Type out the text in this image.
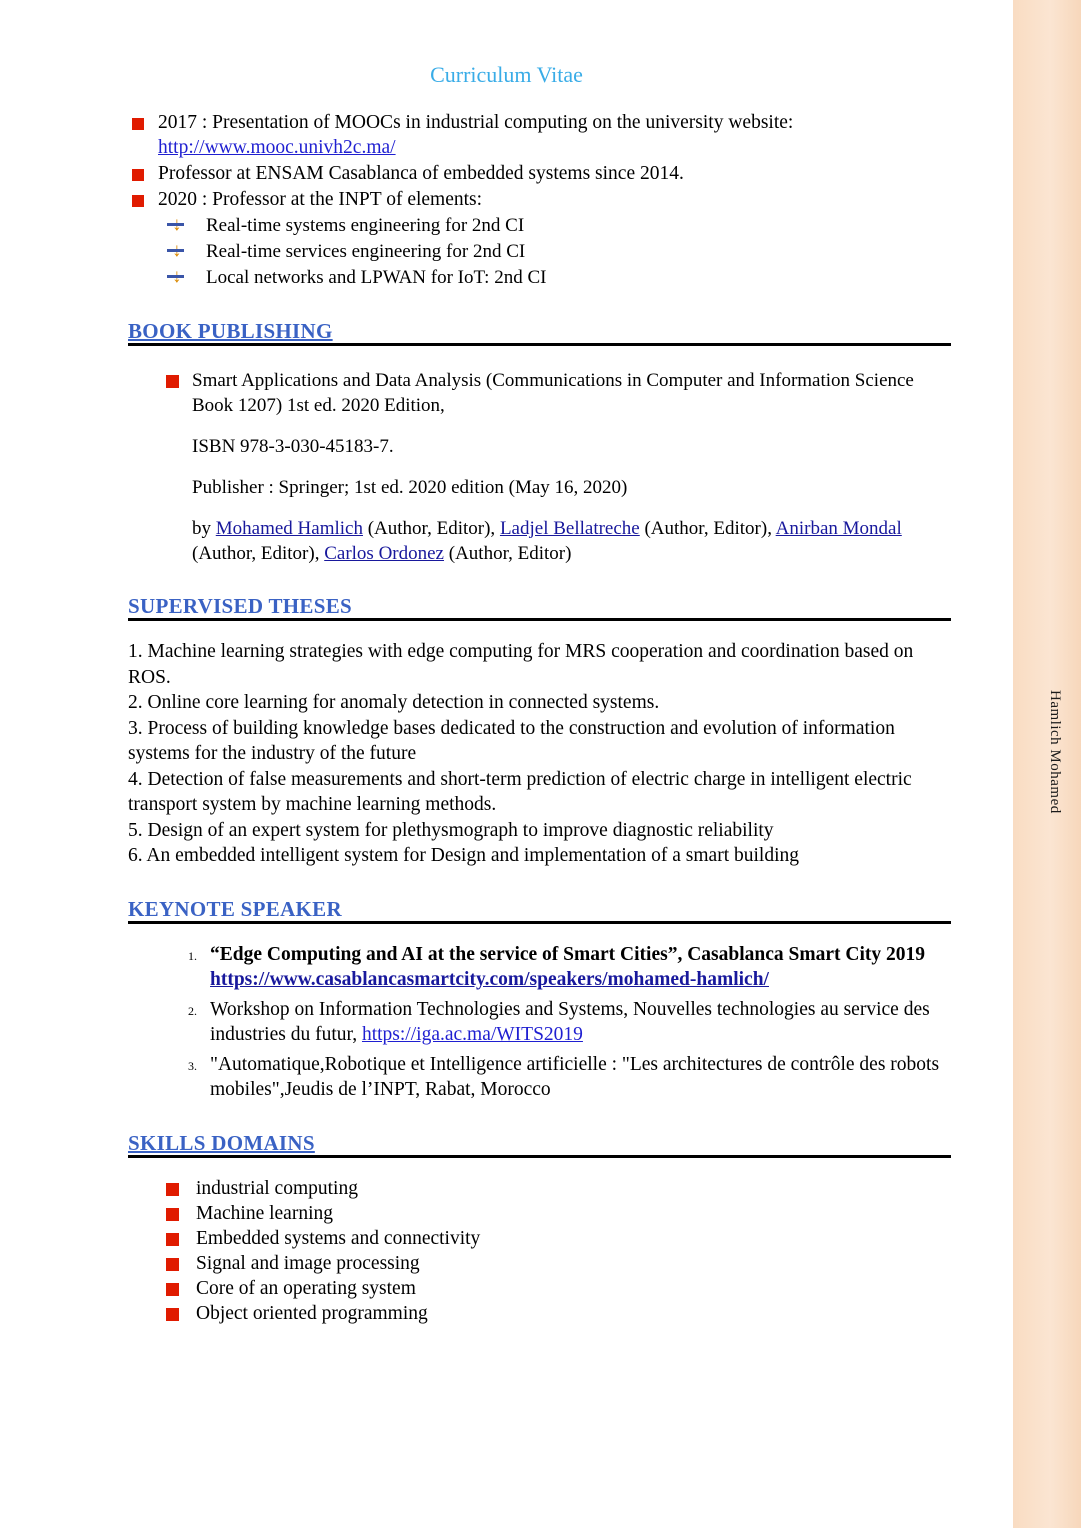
Curriculum Vitae
2017 : Presentation of MOOCs in industrial computing on the university website:
http://www.mooc.univh2c.ma/
Professor at ENSAM Casablanca of embedded systems since 2014.
2020 : Professor at the INPT of elements:
↓ Real-time systems engineering for 2nd CI
↓ Real-time services engineering for 2nd CI
↓ Local networks and LPWAN for IoT: 2nd CI
BOOK PUBLISHING

Smart Applications and Data Analysis (Communications in Computer and Information Science Book 1207) 1st ed. 2020 Edition,

ISBN 978-3-030-45183-7.

Publisher : Springer; 1st ed. 2020 edition (May 16, 2020)

by Mohamed Hamlich (Author, Editor), Ladjel Bellatreche (Author, Editor), Anirban Mondal (Author, Editor), Carlos Ordonez (Author, Editor)

SUPERVISED THESES
1. Machine learning strategies with edge computing for MRS cooperation and coordination based on ROS.
2. Online core learning for anomaly detection in connected systems.
3. Process of building knowledge bases dedicated to the construction and evolution of information systems for the industry of the future
4. Detection of false measurements and short-term prediction of electric charge in intelligent electric transport system by machine learning methods.
5. Design of an expert system for plethysmograph to improve diagnostic reliability
6. An embedded intelligent system for Design and implementation of a smart building
KEYNOTE SPEAKER
1. “Edge Computing and AI at the service of Smart Cities”, Casablanca Smart City 2019
https://www.casablancasmartcity.com/speakers/mohamed-hamlich/
2. Workshop on Information Technologies and Systems, Nouvelles technologies au service des industries du futur, https://iga.ac.ma/WITS2019
3. "Automatique,Robotique et Intelligence artificielle : "Les architectures de contrôle des robots mobiles",Jeudis de l’INPT, Rabat, Morocco
SKILLS DOMAINS
industrial computing
Machine learning
Embedded systems and connectivity
Signal and image processing
Core of an operating system
Object oriented programming
Hamlich Mohamed
